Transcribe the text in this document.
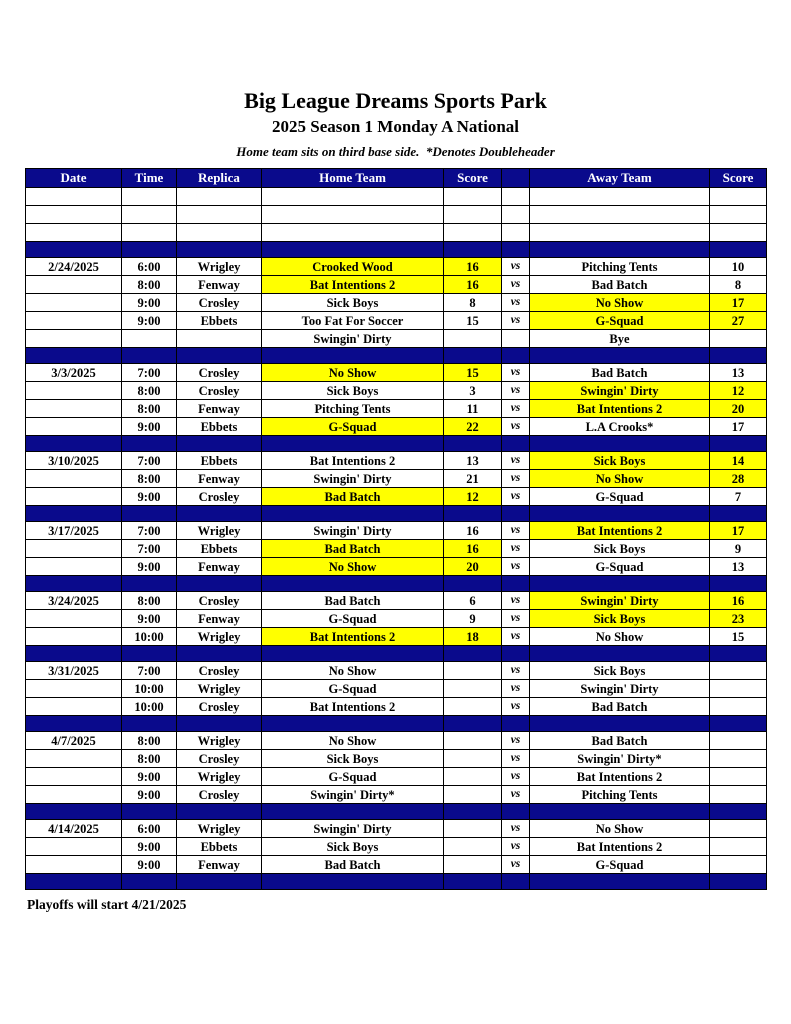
Big League Dreams Sports Park
2025 Season 1 Monday A National
Home team sits on third base side.  *Denotes Doubleheader
Date	Time	Replica	Home Team	Score		Away Team	Score

2/24/2025	6:00	Wrigley	Crooked Wood	16	vs	Pitching Tents	10
	8:00	Fenway	Bat Intentions 2	16	vs	Bad Batch	8
	9:00	Crosley	Sick Boys	8	vs	No Show	17
	9:00	Ebbets	Too Fat For Soccer	15	vs	G-Squad	27
			Swingin' Dirty			Bye	

3/3/2025	7:00	Crosley	No Show	15	vs	Bad Batch	13
	8:00	Crosley	Sick Boys	3	vs	Swingin' Dirty	12
	8:00	Fenway	Pitching Tents	11	vs	Bat Intentions 2	20
	9:00	Ebbets	G-Squad	22	vs	L.A Crooks*	17

3/10/2025	7:00	Ebbets	Bat Intentions 2	13	vs	Sick Boys	14
	8:00	Fenway	Swingin' Dirty	21	vs	No Show	28
	9:00	Crosley	Bad Batch	12	vs	G-Squad	7

3/17/2025	7:00	Wrigley	Swingin' Dirty	16	vs	Bat Intentions 2	17
	7:00	Ebbets	Bad Batch	16	vs	Sick Boys	9
	9:00	Fenway	No Show	20	vs	G-Squad	13

3/24/2025	8:00	Crosley	Bad Batch	6	vs	Swingin' Dirty	16
	9:00	Fenway	G-Squad	9	vs	Sick Boys	23
	10:00	Wrigley	Bat Intentions 2	18	vs	No Show	15

3/31/2025	7:00	Crosley	No Show		vs	Sick Boys	
	10:00	Wrigley	G-Squad		vs	Swingin' Dirty	
	10:00	Crosley	Bat Intentions 2		vs	Bad Batch	

4/7/2025	8:00	Wrigley	No Show		vs	Bad Batch	
	8:00	Crosley	Sick Boys		vs	Swingin' Dirty*	
	9:00	Wrigley	G-Squad		vs	Bat Intentions 2	
	9:00	Crosley	Swingin' Dirty*		vs	Pitching Tents	

4/14/2025	6:00	Wrigley	Swingin' Dirty		vs	No Show	
	9:00	Ebbets	Sick Boys		vs	Bat Intentions 2	
	9:00	Fenway	Bad Batch		vs	G-Squad	

Playoffs will start 4/21/2025
